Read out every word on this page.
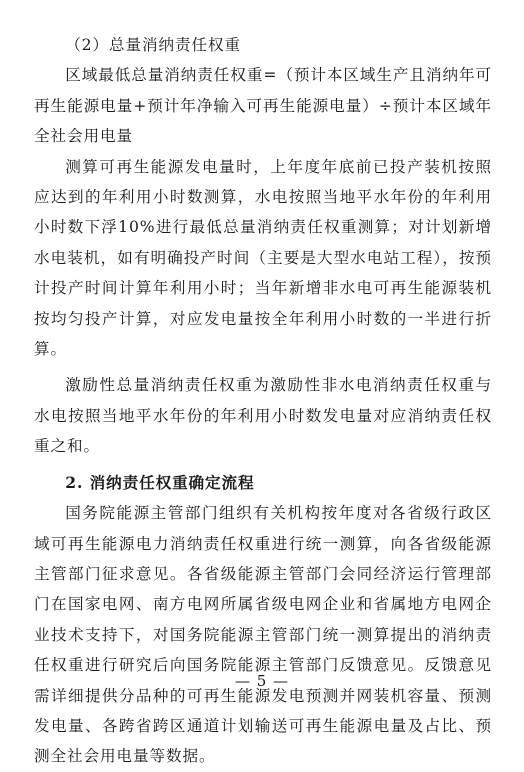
（2）总量消纳责任权重

区域最低总量消纳责任权重=（预计本区域生产且消纳年可再生能源电量+预计年净输入可再生能源电量）÷预计本区域年全社会用电量

测算可再生能源发电量时，上年度年底前已投产装机按照应达到的年利用小时数测算，水电按照当地平水年份的年利用小时数下浮10%进行最低总量消纳责任权重测算；对计划新增水电装机，如有明确投产时间（主要是大型水电站工程），按预计投产时间计算年利用小时；当年新增非水电可再生能源装机按均匀投产计算，对应发电量按全年利用小时数的一半进行折算。

激励性总量消纳责任权重为激励性非水电消纳责任权重与水电按照当地平水年份的年利用小时数发电量对应消纳责任权重之和。

2. 消纳责任权重确定流程

国务院能源主管部门组织有关机构按年度对各省级行政区域可再生能源电力消纳责任权重进行统一测算，向各省级能源主管部门征求意见。各省级能源主管部门会同经济运行管理部门在国家电网、南方电网所属省级电网企业和省属地方电网企业技术支持下，对国务院能源主管部门统一测算提出的消纳责任权重进行研究后向国务院能源主管部门反馈意见。反馈意见需详细提供分品种的可再生能源发电预测并网装机容量、预测发电量、各跨省跨区通道计划输送可再生能源电量及占比、预测全社会用电量等数据。

— 5 —
